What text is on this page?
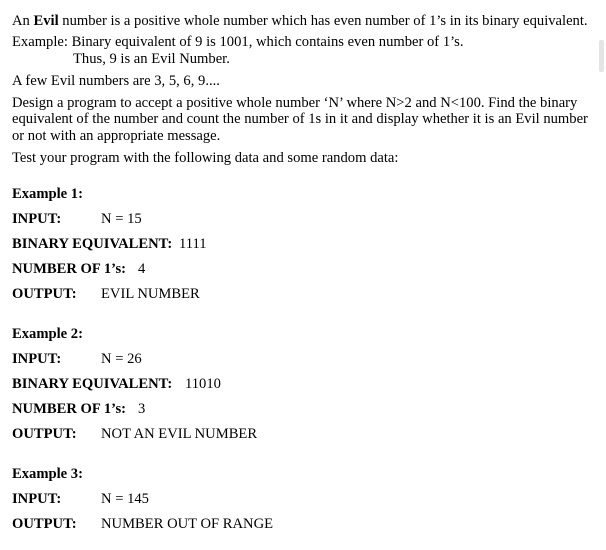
An Evil number is a positive whole number which has even number of 1’s in its binary equivalent.
Example: Binary equivalent of 9 is 1001, which contains even number of 1’s.
Thus, 9 is an Evil Number.
A few Evil numbers are 3, 5, 6, 9....
Design a program to accept a positive whole number ‘N’ where N>2 and N<100. Find the binary equivalent of the number and count the number of 1s in it and display whether it is an Evil number or not with an appropriate message.
Test your program with the following data and some random data:
Example 1:
INPUT:	N = 15
BINARY EQUIVALENT: 1111
NUMBER OF 1’s: 4
OUTPUT: EVIL NUMBER
Example 2:
INPUT:	N = 26
BINARY EQUIVALENT: 11010
NUMBER OF 1’s: 3
OUTPUT: NOT AN EVIL NUMBER
Example 3:
INPUT:	N = 145
OUTPUT: NUMBER OUT OF RANGE
